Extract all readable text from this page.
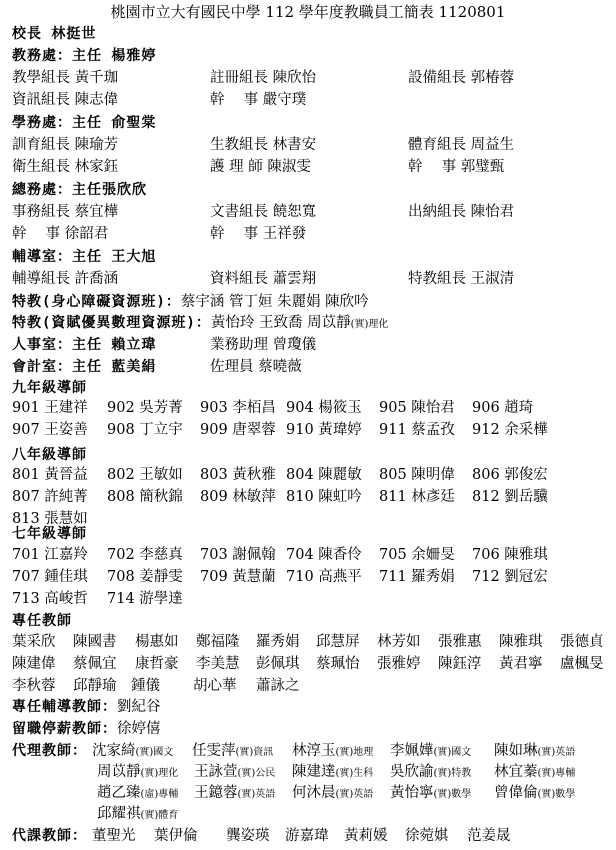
桃園市立大有國民中學 112 學年度教職員工簡表 1120801
校長 林挺世
教務處：主任 楊雅婷
教學組長 黃千珈	註冊組長 陳欣怡	設備組長 郭椿蓉
資訊組長 陳志偉	幹　 事 嚴守璞
學務處：主任 俞聖棠
訓育組長 陳瑜芳	生教組長 林書安	體育組長 周益生
衛生組長 林家鈺	護 理 師 陳淑雯	幹　 事 郭璧甄
總務處：主任張欣欣
事務組長 蔡宜樺	文書組長 饒恕寬	出納組長 陳怡君
幹　 事 徐韶君	幹　 事 王祥發
輔導室：主任 王大旭
輔導組長 許喬涵	資料組長 蕭雲翔	特教組長 王淑清
特教(身心障礙資源班)：蔡宇涵 管丁姮 朱麗娟 陳欣吟
特教(資賦優異數理資源班)：黃怡玲 王致喬 周苡靜(實)理化
人事室：主任 賴立瑋	業務助理 曾瓊儀
會計室：主任 藍美絹	佐理員 蔡曉薇
九年級導師
901 王建祥 902 吳芳菁 903 李栢昌 904 楊筱玉 905 陳怡君 906 趙琦
907 王姿善 908 丁立宇 909 唐翠蓉 910 黃瑋婷 911 蔡孟孜 912 余采樺
八年級導師
801 黃晉益 802 王敏如 803 黃秋雅 804 陳麗敏 805 陳明偉 806 郭俊宏
807 許純菁 808 簡秋錦 809 林敏萍 810 陳虹吟 811 林彥廷 812 劉岳驥
813 張慧如
七年級導師
701 江嘉羚 702 李慈真 703 謝佩翰 704 陳香伶 705 余姍旻 706 陳雅琪
707 鍾佳琪 708 姜靜雯 709 黃慧蘭 710 高燕平 711 羅秀娟 712 劉冠宏
713 高峻哲 714 游學達
專任教師
葉采欣 陳國書 楊惠如 鄭福隆 羅秀娟 邱慧屏 林芳如 張雅惠 陳雅琪 張德貞
陳建偉 蔡佩宜 康哲豪 李美慧 彭佩琪 蔡珮怡 張雅婷 陳鈺淳 黃君寧 盧楓旻
李秋蓉 邱靜瑜 鍾儀 胡心華 蕭詠之
專任輔導教師：劉紀谷
留職停薪教師：徐婷僖
代理教師： 沈家綺(實)國文 任雯萍(實)資訊 林淳玉(實)地理 李姵嬅(實)國文 陳如琳(實)英語
周苡靜(實)理化 王詠萱(實)公民 陳建達(實)生科 吳欣諭(實)特教 林宜蓁(實)專輔
趙乙臻(虛)專輔 王鐿蓉(實)英語 何沐晨(實)英語 黃怡寧(實)數學 曾偉倫(實)數學
邱耀祺(實)體育
代課教師： 董聖光 葉伊倫 龔姿瑛 游嘉瑋 黃莉媛 徐菀娸 范姜晟
